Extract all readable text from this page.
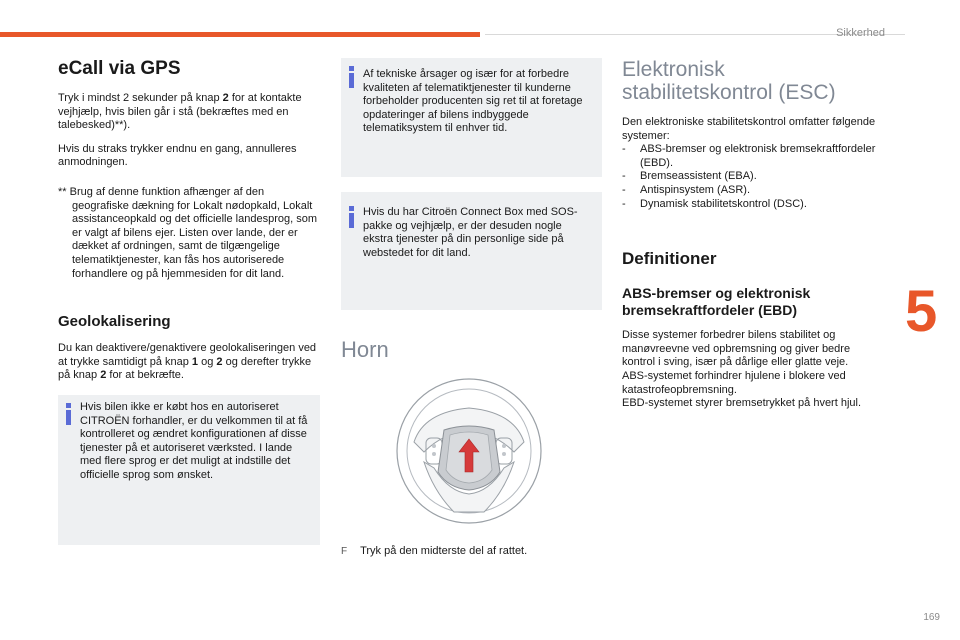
Sikkerhed
5
eCall via GPS

Tryk i mindst 2 sekunder på knap 2 for at kontakte vejhjælp, hvis bilen går i stå (bekræftes med en talebesked)**).

Hvis du straks trykker endnu en gang, annulleres anmodningen.

** Brug af denne funktion afhænger af den geografiske dækning for Lokalt nødopkald, Lokalt assistanceopkald og det officielle landesprog, som er valgt af bilens ejer. Listen over lande, der er dækket af ordningen, samt de tilgængelige telematiktjenester, kan fås hos autoriserede forhandlere og på hjemmesiden for dit land.

Geolokalisering

Du kan deaktivere/genaktivere geolokaliseringen ved at trykke samtidigt på knap 1 og 2 og derefter trykke på knap 2 for at bekræfte.

Hvis bilen ikke er købt hos en autoriseret CITROËN forhandler, er du velkommen til at få kontrolleret og ændret konfigurationen af disse tjenester på et autoriseret værksted. I lande med flere sprog er det muligt at indstille det officielle sprog som ønsket.

Af tekniske årsager og især for at forbedre kvaliteten af telematiktjenester til kunderne forbeholder producenten sig ret til at foretage opdateringer af bilens indbyggede telematiksystem til enhver tid.

Hvis du har Citroën Connect Box med SOS-pakke og vejhjælp, er der desuden nogle ekstra tjenester på din personlige side på webstedet for dit land.

Horn
F Tryk på den midterste del af rattet.
Elektronisk
stabilitetskontrol (ESC)

Den elektroniske stabilitetskontrol omfatter følgende systemer:

- ABS-bremser og elektronisk bremsekraftfordeler (EBD).
- Bremseassistent (EBA).
- Antispinsystem (ASR).
- Dynamisk stabilitetskontrol (DSC).
Definitioner
ABS-bremser og elektronisk bremsekraftfordeler (EBD)

Disse systemer forbedrer bilens stabilitet og manøvreevne ved opbremsning og giver bedre kontrol i sving, især på dårlige eller glatte veje.

ABS-systemet forhindrer hjulene i blokere ved katastrofeopbremsning.

EBD-systemet styrer bremsetrykket på hvert hjul.

169
